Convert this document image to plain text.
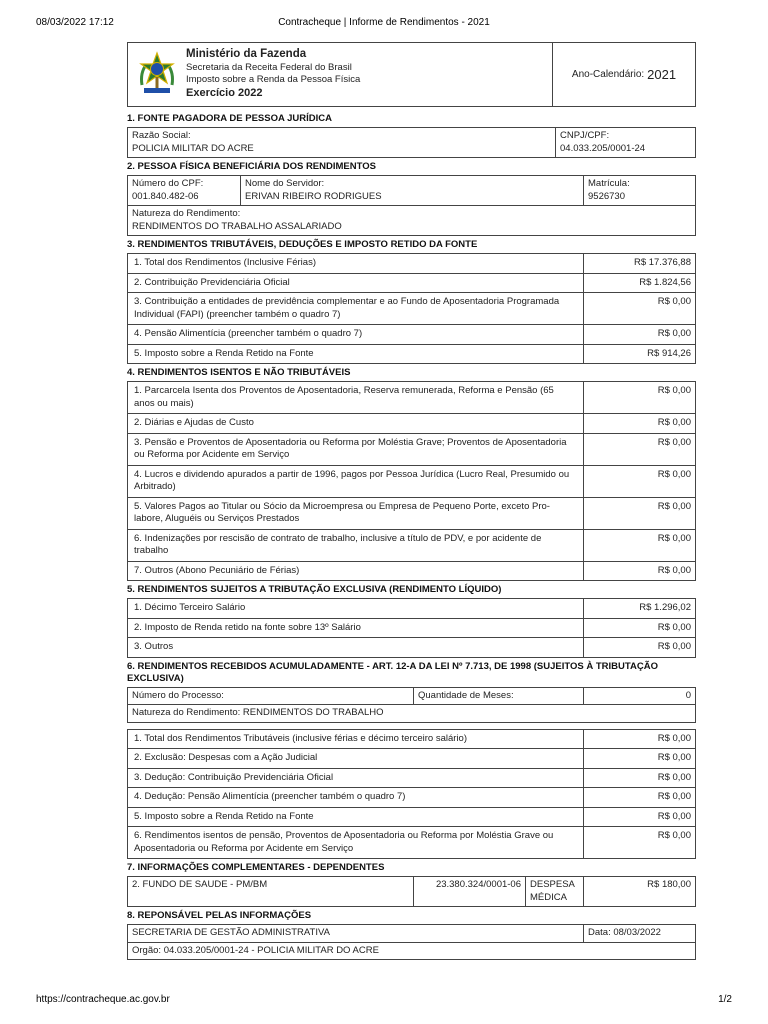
08/03/2022 17:12	Contracheque | Informe de Rendimentos - 2021
Ministério da Fazenda
Secretaria da Receita Federal do Brasil
Imposto sobre a Renda da Pessoa Física
Exercício 2022
Ano-Calendário: 2021
1. FONTE PAGADORA DE PESSOA JURÍDICA
Razão Social:
POLICIA MILITAR DO ACRE

CNPJ/CPF:
04.033.205/0001-24
2. PESSOA FÍSICA BENEFICIÁRIA DOS RENDIMENTOS
Número do CPF:
001.840.482-06

Nome do Servidor:
ERIVAN RIBEIRO RODRIGUES

Matrícula:
9526730

Natureza do Rendimento:
RENDIMENTOS DO TRABALHO ASSALARIADO
3. RENDIMENTOS TRIBUTÁVEIS, DEDUÇÕES E IMPOSTO RETIDO DA FONTE
1. Total dos Rendimentos (Inclusive Férias)	R$ 17.376,88
2. Contribuição Previdenciária Oficial	R$ 1.824,56
3. Contribuição a entidades de previdência complementar e ao Fundo de Aposentadoria Programada Individual (FAPI) (preencher também o quadro 7)	R$ 0,00
4. Pensão Alimentícia (preencher também o quadro 7)	R$ 0,00
5. Imposto sobre a Renda Retido na Fonte	R$ 914,26
4. RENDIMENTOS ISENTOS E NÃO TRIBUTÁVEIS
1. Parcarcela Isenta dos Proventos de Aposentadoria, Reserva remunerada, Reforma e Pensão (65 anos ou mais)	R$ 0,00
2. Diárias e Ajudas de Custo	R$ 0,00
3. Pensão e Proventos de Aposentadoria ou Reforma por Moléstia Grave; Proventos de Aposentadoria ou Reforma por Acidente em Serviço	R$ 0,00
4. Lucros e dividendo apurados a partir de 1996, pagos por Pessoa Jurídica (Lucro Real, Presumido ou Arbitrado)	R$ 0,00
5. Valores Pagos ao Titular ou Sócio da Microempresa ou Empresa de Pequeno Porte, exceto Pro-labore, Aluguéis ou Serviços Prestados	R$ 0,00
6. Indenizações por rescisão de contrato de trabalho, inclusive a título de PDV, e por acidente de trabalho	R$ 0,00
7. Outros (Abono Pecuniário de Férias)	R$ 0,00
5. RENDIMENTOS SUJEITOS A TRIBUTAÇÃO EXCLUSIVA (RENDIMENTO LÍQUIDO)
1. Décimo Terceiro Salário	R$ 1.296,02
2. Imposto de Renda retido na fonte sobre 13º Salário	R$ 0,00
3. Outros	R$ 0,00
6. RENDIMENTOS RECEBIDOS ACUMULADAMENTE - ART. 12-A DA LEI Nº 7.713, DE 1998 (SUJEITOS À TRIBUTAÇÃO EXCLUSIVA)
Número do Processo:	Quantidade de Meses:	0
Natureza do Rendimento: RENDIMENTOS DO TRABALHO
1. Total dos Rendimentos Tributáveis (inclusive férias e décimo terceiro salário)	R$ 0,00
2. Exclusão: Despesas com a Ação Judicial	R$ 0,00
3. Dedução: Contribuição Previdenciária Oficial	R$ 0,00
4. Dedução: Pensão Alimentícia (preencher também o quadro 7)	R$ 0,00
5. Imposto sobre a Renda Retido na Fonte	R$ 0,00
6. Rendimentos isentos de pensão, Proventos de Aposentadoria ou Reforma por Moléstia Grave ou Aposentadoria ou Reforma por Acidente em Serviço	R$ 0,00
7. INFORMAÇÕES COMPLEMENTARES - DEPENDENTES
2. FUNDO DE SAUDE - PM/BM	23.380.324/0001-06	DESPESA MÉDICA	R$ 180,00
8. REPONSÁVEL PELAS INFORMAÇÕES
SECRETARIA DE GESTÃO ADMINISTRATIVA	Data: 08/03/2022
Orgão: 04.033.205/0001-24 - POLICIA MILITAR DO ACRE
https://contracheque.ac.gov.br	1/2
